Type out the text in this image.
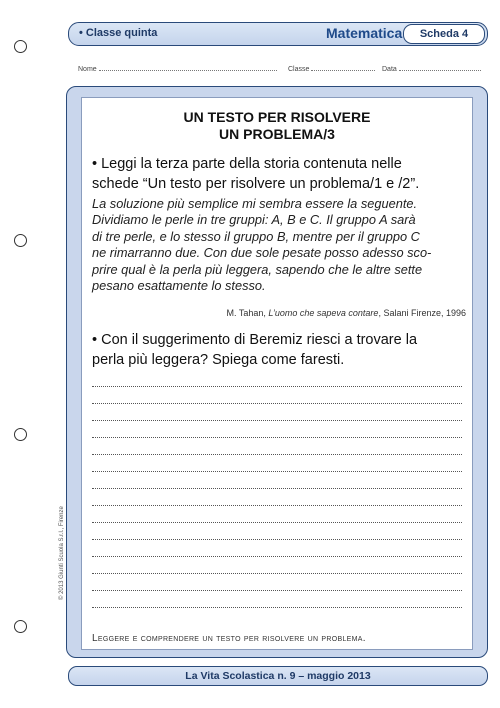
• Classe quinta	Matematica	Scheda 4
Nome	Classe	Data
UN TESTO PER RISOLVERE
UN PROBLEMA/3
• Leggi la terza parte della storia contenuta nelle
schede “Un testo per risolvere un problema/1 e /2”.
La soluzione più semplice mi sembra essere la seguente.
Dividiamo le perle in tre gruppi: A, B e C. Il gruppo A sarà
di tre perle, e lo stesso il gruppo B, mentre per il gruppo C
ne rimarranno due. Con due sole pesate posso adesso sco-
prire qual è la perla più leggera, sapendo che le altre sette
pesano esattamente lo stesso.
M. Tahan, L’uomo che sapeva contare, Salani Firenze, 1996
• Con il suggerimento di Beremiz riesci a trovare la
perla più leggera? Spiega come faresti.
Leggere e comprendere un testo per risolvere un problema.
© 2013 Giunti Scuola S.r.l., Firenze
La Vita Scolastica n. 9 – maggio 2013
